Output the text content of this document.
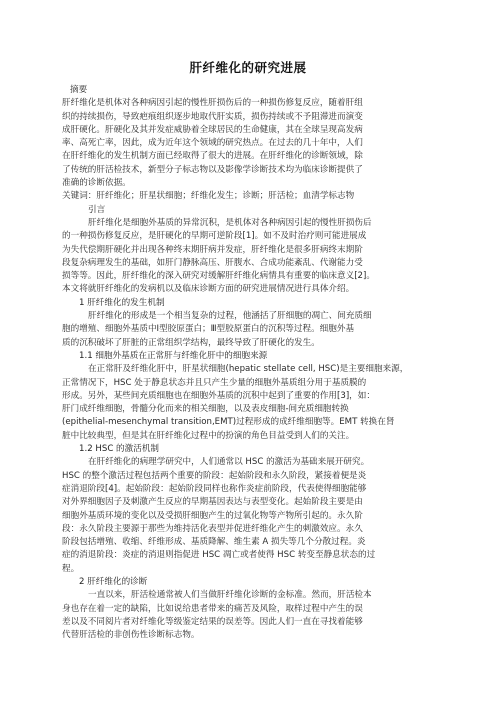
肝纤维化的研究进展
摘要
肝纤维化是机体对各种病因引起的慢性肝损伤后的一种损伤修复反应，随着肝组
织的持续损伤，导致疤痕组织逐步地取代肝实质，损伤持续或不予阻滞进而演变
成肝硬化。肝硬化及其并发症威胁着全球居民的生命健康，其在全球呈现高发病
率、高死亡率，因此，成为近年这个领域的研究热点。在过去的几十年中，人们
在肝纤维化的发生机制方面已经取得了很大的进展。在肝纤维化的诊断领域，除
了传统的肝活检技术，新型分子标志物以及影像学诊断技术均为临床诊断提供了
准确的诊断依据。
关键词：肝纤维化；肝星状细胞；纤维化发生；诊断；肝活检；血清学标志物
引言
肝纤维化是细胞外基质的异常沉积，是机体对各种病因引起的慢性肝损伤后
的一种损伤修复反应，是肝硬化的早期可逆阶段[1]。如不及时治疗则可能进展成
为失代偿期肝硬化并出现各种终末期肝病并发症，肝纤维化是很多肝病终末期阶
段复杂病理发生的基础，如肝门静脉高压、肝腹水、合成功能紊乱、代谢能力受
损等等。因此，肝纤维化的深入研究对缓解肝纤维化病情具有重要的临床意义[2]。
本文将就肝纤维化的发病机以及临床诊断方面的研究进展情况进行具体介绍。
1 肝纤维化的发生机制
肝纤维化的形成是一个相当复杂的过程，他涵括了肝细胞的凋亡、间充质细
胞的增殖、细胞外基质中Ⅰ型胶原蛋白；Ⅲ型胶原蛋白的沉积等过程。细胞外基
质的沉积破坏了肝脏的正常组织学结构，最终导致了肝硬化的发生。
1.1 细胞外基质在正常肝与纤维化肝中的细胞来源
在正常肝及纤维化肝中，肝星状细胞(hepatic stellate cell, HSC)是主要细胞来源，
正常情况下，HSC 处于静息状态并且只产生少量的细胞外基质组分用于基质膜的
形成。另外，某些间充质细胞也在细胞外基质的沉积中起到了重要的作用[3]，如：
肝门成纤维细胞，骨髓分化而来的相关细胞，以及表皮细胞-间充质细胞转换
(epithelial-mesenchymal transition,EMT)过程形成的成纤维细胞等。EMT 转换在肾
脏中比较典型，但是其在肝纤维化过程中的扮演的角色目益受到人们的关注。
1.2 HSC 的激活机制
在肝纤维化的病理学研究中，人们通常以 HSC 的激活为基础来展开研究。
HSC 的整个激活过程包括两个重要的阶段：起始阶段和永久阶段，紧接着便是炎
症消退阶段[4]。起始阶段：起始阶段同样也称作炎症前阶段，代表使得细胞能够
对外界细胞因子及刺激产生反应的早期基因表达与表型变化。起始阶段主要是由
细胞外基质环境的变化以及受损肝细胞产生的过氧化物等产物所引起的。永久阶
段：永久阶段主要源于那些为维持活化表型并促进纤维化产生的刺激效应。永久
阶段包括增殖、收缩、纤维形成、基质降解、维生素 A 损失等几个分散过程。炎
症的消退阶段：炎症的消退则指促进 HSC 凋亡或者使得 HSC 转变至静息状态的过
程。
2 肝纤维化的诊断
一直以来，肝活检通常被人们当做肝纤维化诊断的金标准。然而，肝活检本
身也存在着一定的缺陷，比如说给患者带来的痛苦及风险，取样过程中产生的误
差以及不同阅片者对纤维化等级鉴定结果的误差等。因此人们一直在寻找着能够
代替肝活检的非创伤性诊断标志物。
